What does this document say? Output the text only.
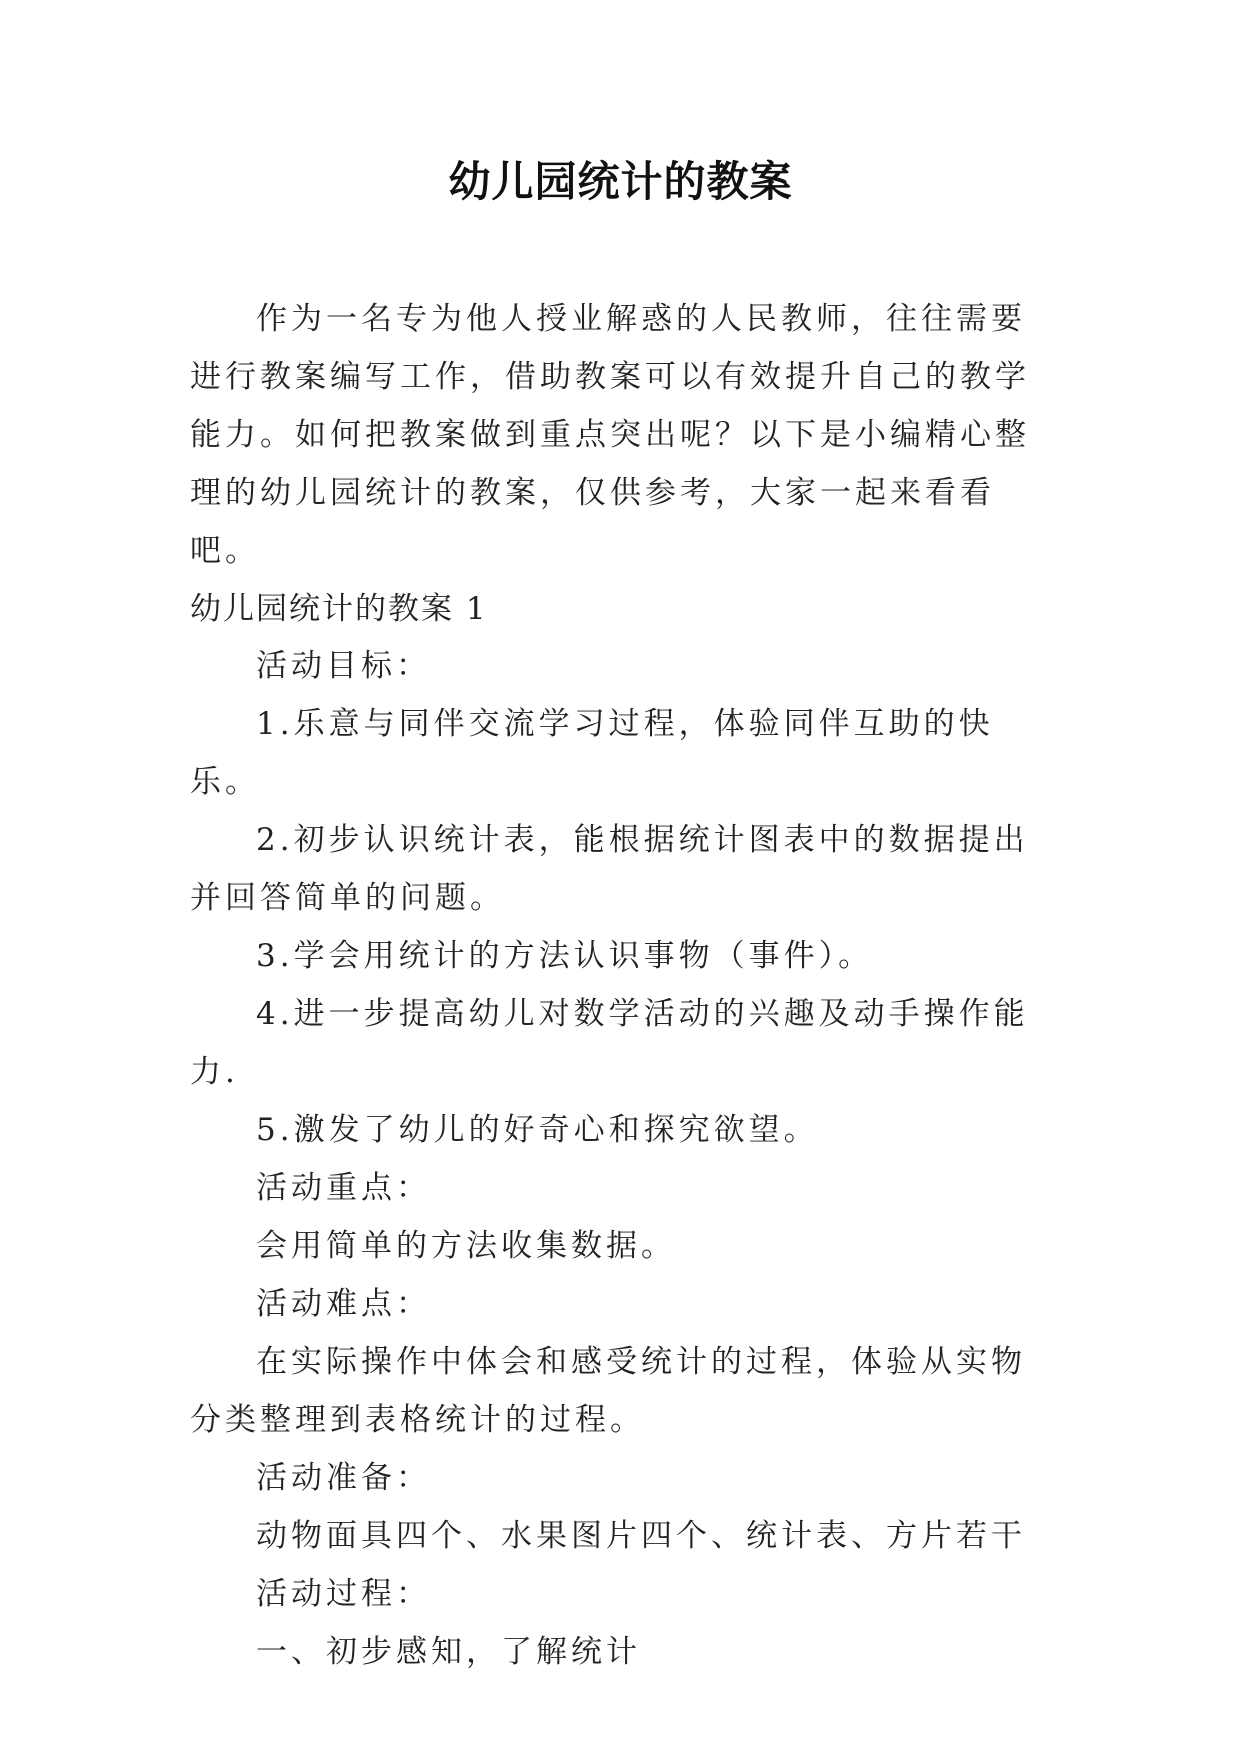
幼儿园统计的教案
作为一名专为他人授业解惑的人民教师，往往需要进行教案编写工作，借助教案可以有效提升自己的教学能力。如何把教案做到重点突出呢？以下是小编精心整理的幼儿园统计的教案，仅供参考，大家一起来看看吧。
幼儿园统计的教案 1

活动目标：

1.乐意与同伴交流学习过程，体验同伴互助的快乐。

2.初步认识统计表，能根据统计图表中的数据提出并回答简单的问题。

3.学会用统计的方法认识事物（事件）。

4.进一步提高幼儿对数学活动的兴趣及动手操作能力.

5.激发了幼儿的好奇心和探究欲望。

活动重点：

会用简单的方法收集数据。

活动难点：

在实际操作中体会和感受统计的过程，体验从实物分类整理到表格统计的过程。

活动准备：

动物面具四个、水果图片四个、统计表、方片若干

活动过程：

一、初步感知，了解统计
